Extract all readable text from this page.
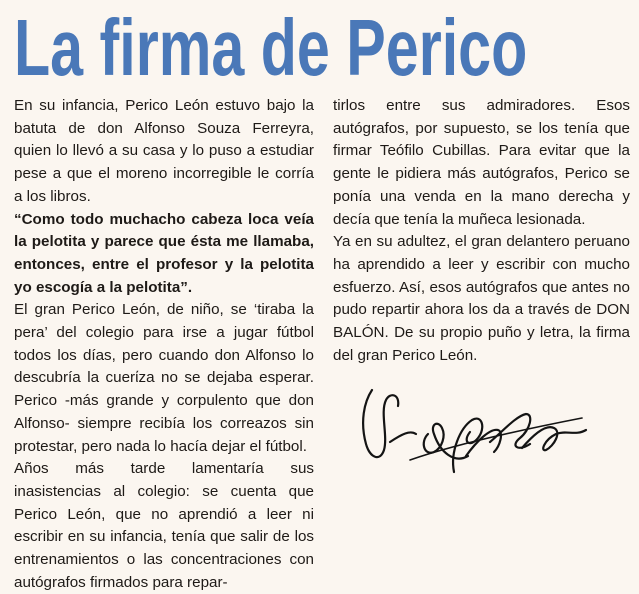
La firma de Perico

En su infancia, Perico León estuvo bajo la batuta de don Alfonso Souza Ferreyra, quien lo llevó a su casa y lo puso a estudiar pese a que el moreno incorregible le corría a los libros.

“Como todo muchacho cabeza loca veía la pelotita y parece que ésta me llamaba, entonces, entre el profesor y la pelotita yo escogía a la pelotita”.

El gran Perico León, de niño, se ‘tiraba la pera’ del colegio para irse a jugar fútbol todos los días, pero cuando don Alfonso lo descubría la cuerίza no se dejaba esperar. Perico -más grande y corpulento que don Alfonso- siempre recibía los correazos sin protestar, pero nada lo hacía dejar el fútbol.

Años más tarde lamentaría sus inasistencias al colegio: se cuenta que Perico León, que no aprendió a leer ni escribir en su infancia, tenía que salir de los entrenamientos o las concentraciones con autógrafos firmados para repar-

tirlos entre sus admiradores. Esos autógrafos, por supuesto, se los tenía que firmar Teófilo Cubillas. Para evitar que la gente le pidiera más autógrafos, Perico se ponía una venda en la mano derecha y decía que tenía la muñeca lesionada.

Ya en su adultez, el gran delantero peruano ha aprendido a leer y escribir con mucho esfuerzo. Así, esos autógrafos que antes no pudo repartir ahora los da a través de DON BALÓN. De su propio puño y letra, la firma del gran Perico León.
